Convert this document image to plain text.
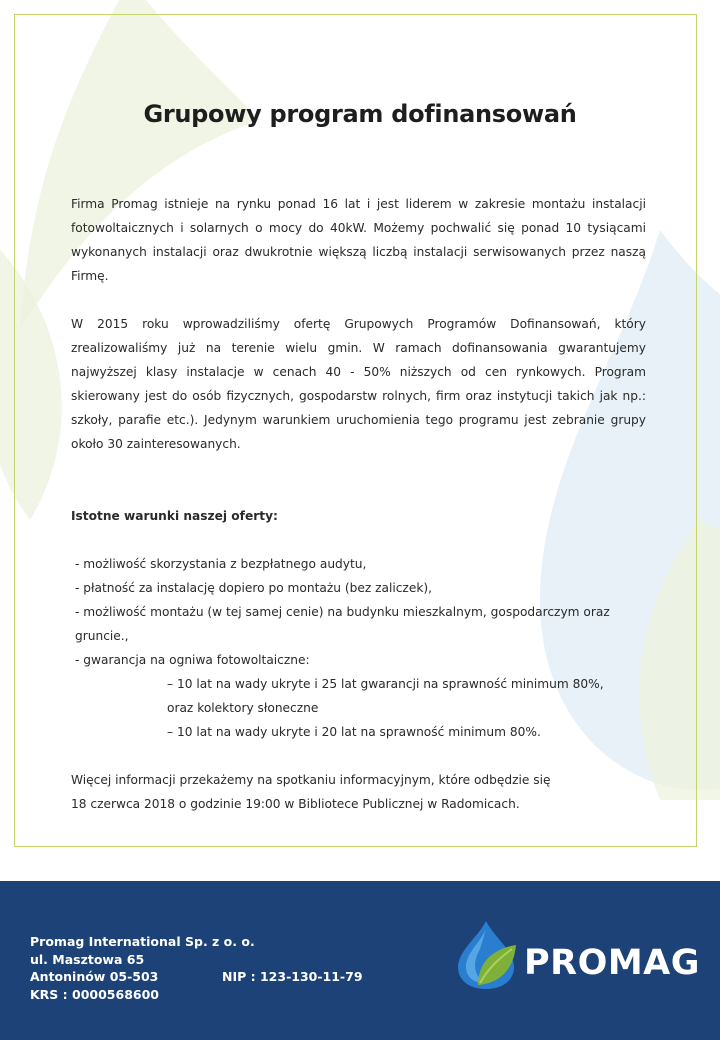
Grupowy program dofinansowań

Firma Promag istnieje na rynku ponad 16 lat i jest liderem w zakresie montażu instalacji fotowoltaicznych i solarnych o mocy do 40kW. Możemy pochwalić się ponad 10 tysiącami wykonanych instalacji oraz dwukrotnie większą liczbą instalacji serwisowanych przez naszą Firmę.

W 2015 roku wprowadziliśmy ofertę Grupowych Programów Dofinansowań, który zrealizowaliśmy już na terenie wielu gmin. W ramach dofinansowania gwarantujemy najwyższej klasy instalacje w cenach 40 - 50% niższych od cen rynkowych. Program skierowany jest do osób fizycznych, gospodarstw rolnych, firm oraz instytucji takich jak np.: szkoły, parafie etc.). Jedynym warunkiem uruchomienia tego programu jest zebranie grupy około 30 zainteresowanych.

Istotne warunki naszej oferty:

- możliwość skorzystania z bezpłatnego audytu,

- płatność za instalację dopiero po montażu (bez zaliczek),

- możliwość montażu (w tej samej cenie) na budynku mieszkalnym, gospodarczym oraz gruncie.,

- gwarancja na ogniwa fotowoltaiczne:

– 10 lat na wady ukryte i 25 lat gwarancji na sprawność minimum 80%,

oraz kolektory słoneczne

– 10 lat na wady ukryte i 20 lat na sprawność minimum 80%.

Więcej informacji przekażemy na spotkaniu informacyjnym, które odbędzie się

18 czerwca 2018 o godzinie 19:00 w Bibliotece Publicznej w Radomicach.

Promag International Sp. z o. o.
ul. Masztowa 65
Antoninów 05-503	NIP : 123-130-11-79
KRS : 0000568600
PROMAG
